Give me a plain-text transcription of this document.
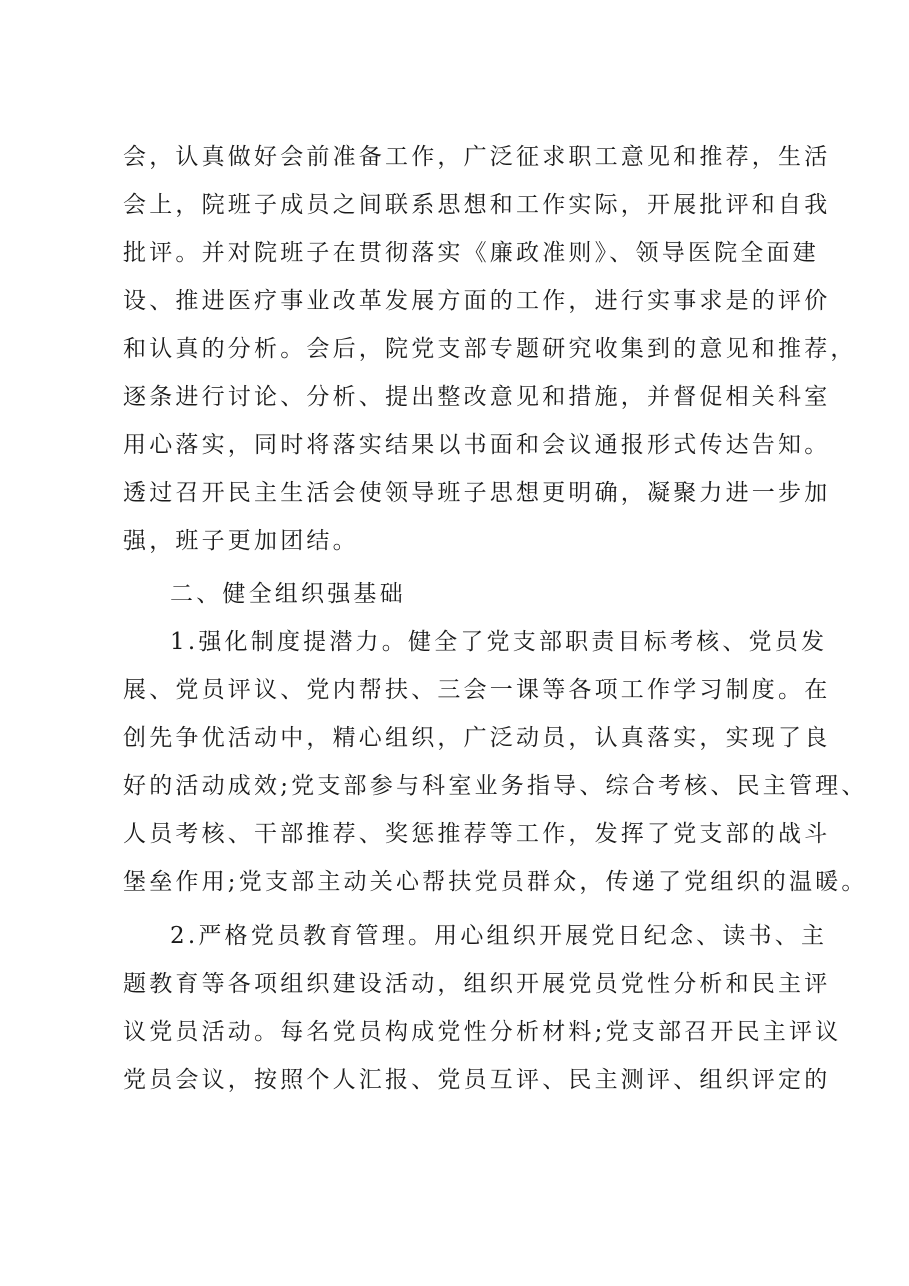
会，认真做好会前准备工作，广泛征求职工意见和推荐，生活
会上，院班子成员之间联系思想和工作实际，开展批评和自我
批评。并对院班子在贯彻落实《廉政准则》、领导医院全面建
设、推进医疗事业改革发展方面的工作，进行实事求是的评价
和认真的分析。会后，院党支部专题研究收集到的意见和推荐，
逐条进行讨论、分析、提出整改意见和措施，并督促相关科室
用心落实，同时将落实结果以书面和会议通报形式传达告知。
透过召开民主生活会使领导班子思想更明确，凝聚力进一步加
强，班子更加团结。
二、健全组织强基础
1.强化制度提潜力。健全了党支部职责目标考核、党员发
展、党员评议、党内帮扶、三会一课等各项工作学习制度。在
创先争优活动中，精心组织，广泛动员，认真落实，实现了良
好的活动成效;党支部参与科室业务指导、综合考核、民主管理、
人员考核、干部推荐、奖惩推荐等工作，发挥了党支部的战斗
堡垒作用;党支部主动关心帮扶党员群众，传递了党组织的温暖。
2.严格党员教育管理。用心组织开展党日纪念、读书、主
题教育等各项组织建设活动，组织开展党员党性分析和民主评
议党员活动。每名党员构成党性分析材料;党支部召开民主评议
党员会议，按照个人汇报、党员互评、民主测评、组织评定的
